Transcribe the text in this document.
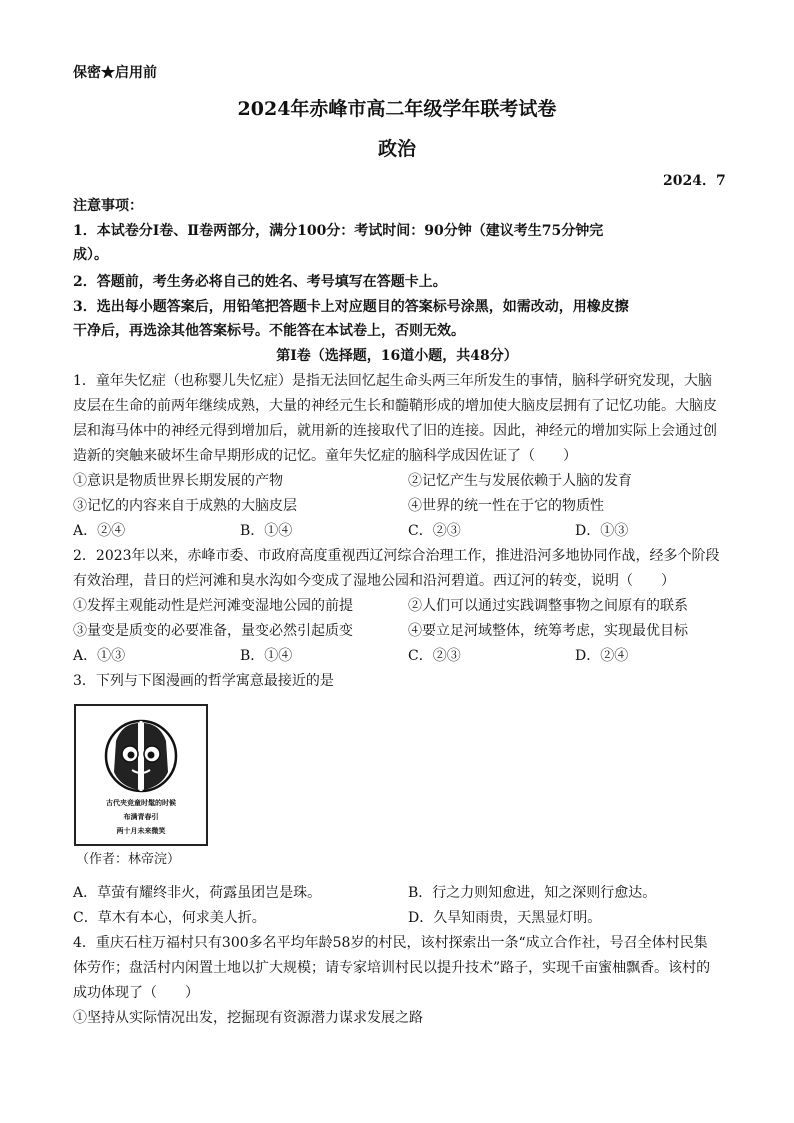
保密★启用前
2024年赤峰市高二年级学年联考试卷
政治
2024．7
注意事项：
1．本试卷分Ⅰ卷、Ⅱ卷两部分，满分100分：考试时间：90分钟（建议考生75分钟完
成）。
2．答题前，考生务必将自己的姓名、考号填写在答题卡上。
3．选出每小题答案后，用铅笔把答题卡上对应题目的答案标号涂黑，如需改动，用橡皮擦
干净后，再选涂其他答案标号。不能答在本试卷上，否则无效。
第Ⅰ卷（选择题，16道小题，共48分）
1．童年失忆症（也称婴儿失忆症）是指无法回忆起生命头两三年所发生的事情，脑科学研究发现，大脑
皮层在生命的前两年继续成熟，大量的神经元生长和髓鞘形成的增加使大脑皮层拥有了记忆功能。大脑皮
层和海马体中的神经元得到增加后，就用新的连接取代了旧的连接。因此，神经元的增加实际上会通过创
造新的突触来破坏生命早期形成的记忆。童年失忆症的脑科学成因佐证了（　　）
①意识是物质世界长期发展的产物	②记忆产生与发展依赖于人脑的发育
③记忆的内容来自于成熟的大脑皮层	④世界的统一性在于它的物质性
A．②④	B．①④	C．②③	D．①③
2．2023年以来，赤峰市委、市政府高度重视西辽河综合治理工作，推进沿河多地协同作战，经多个阶段
有效治理，昔日的烂河滩和臭水沟如今变成了湿地公园和沿河碧道。西辽河的转变，说明（　　）
①发挥主观能动性是烂河滩变湿地公园的前提	②人们可以通过实践调整事物之间原有的联系
③量变是质变的必要准备，量变必然引起质变	④要立足河域整体，统筹考虑，实现最优目标
A．①③	B．①④	C．②③	D．②④
3．下列与下图漫画的哲学寓意最接近的是
古代夹竞童时髦的时候
布满青春引
两十月未来微笑
（作者：林帝浣）
A．草萤有耀终非火，荷露虽团岂是珠。	B．行之力则知愈进，知之深则行愈达。
C．草木有本心，何求美人折。	D．久旱知雨贵，天黑显灯明。
4．重庆石柱万福村只有300多名平均年龄58岁的村民，该村探索出一条“成立合作社，号召全体村民集
体劳作；盘活村内闲置土地以扩大规模；请专家培训村民以提升技术”路子，实现千亩蜜柚飘香。该村的
成功体现了（　　）
①坚持从实际情况出发，挖掘现有资源潜力谋求发展之路
